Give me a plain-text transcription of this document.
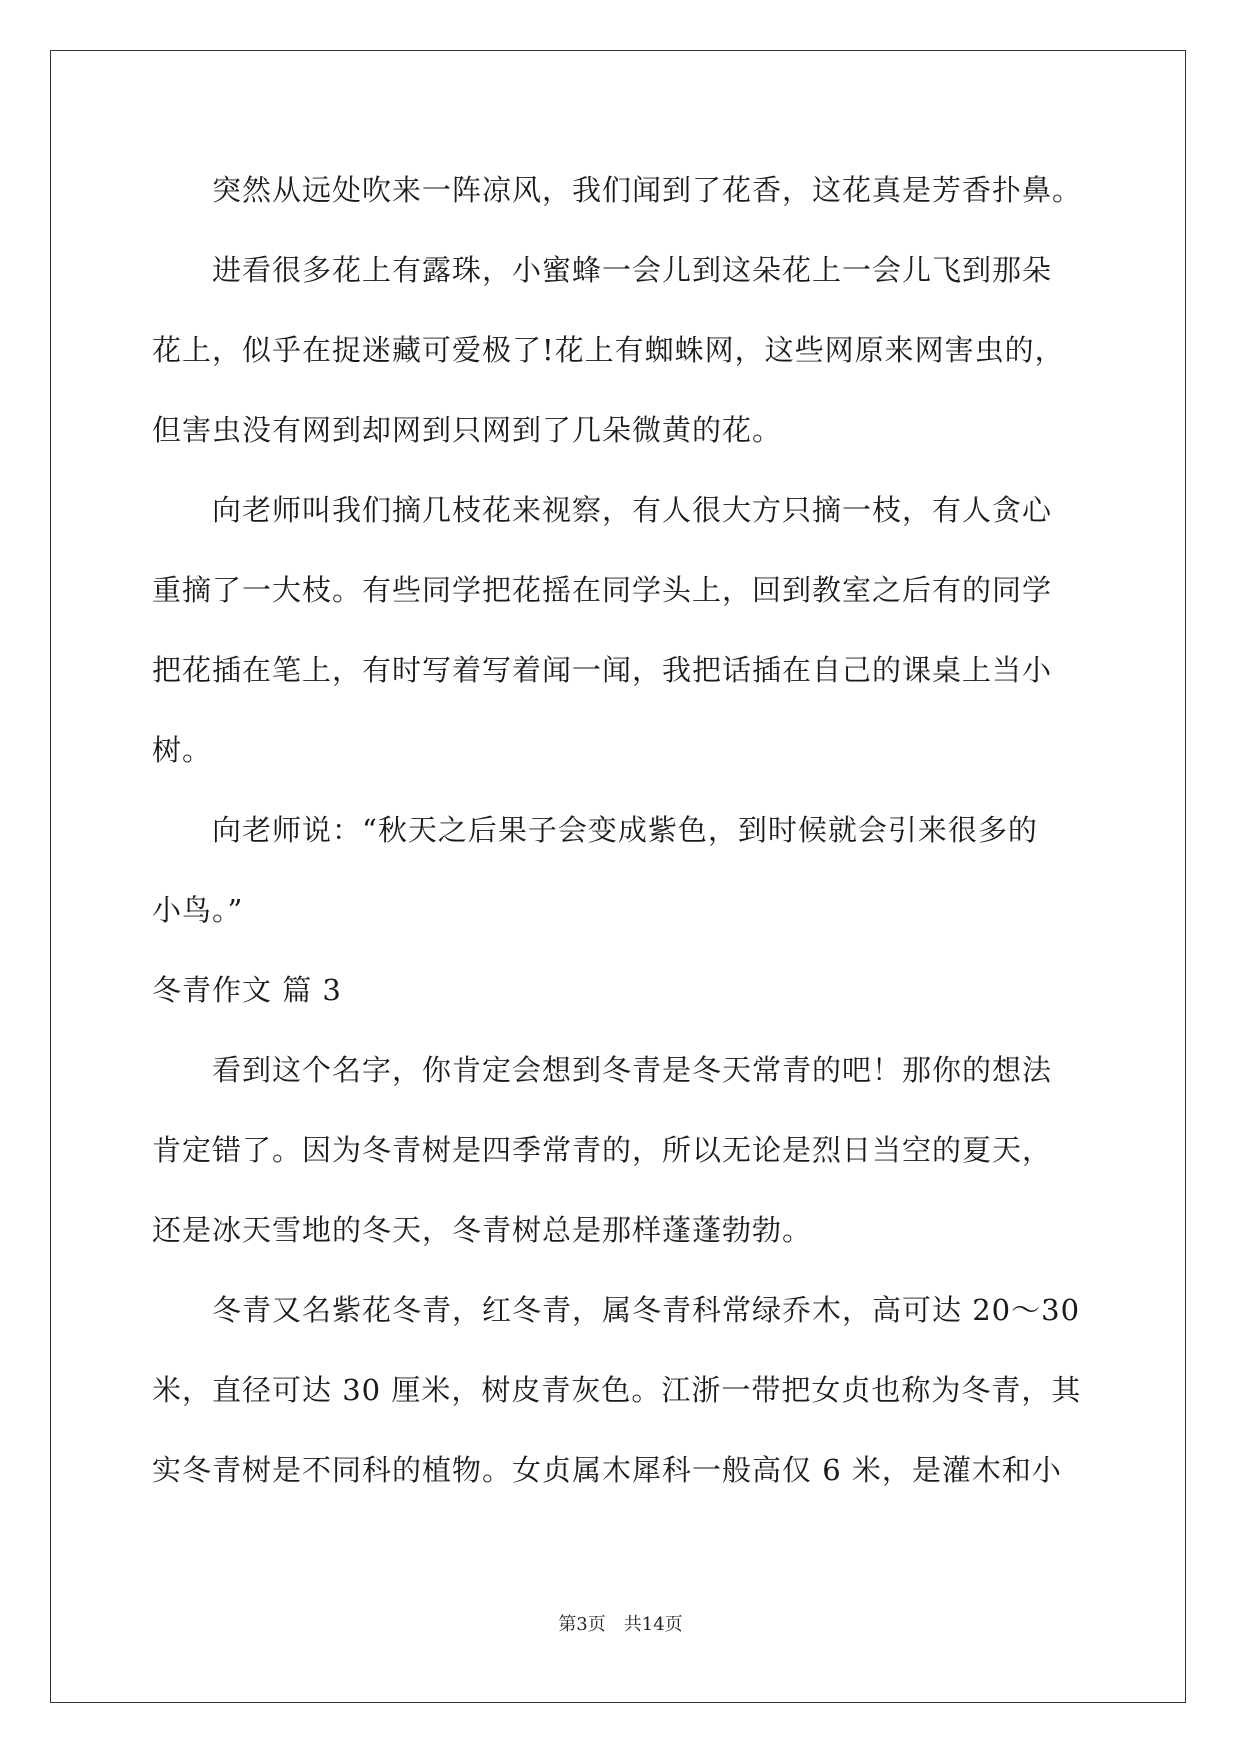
突然从远处吹来一阵凉风，我们闻到了花香，这花真是芳香扑鼻。
进看很多花上有露珠，小蜜蜂一会儿到这朵花上一会儿飞到那朵
花上，似乎在捉迷藏可爱极了!花上有蜘蛛网，这些网原来网害虫的，
但害虫没有网到却网到只网到了几朵微黄的花。
向老师叫我们摘几枝花来视察，有人很大方只摘一枝，有人贪心
重摘了一大枝。有些同学把花摇在同学头上，回到教室之后有的同学
把花插在笔上，有时写着写着闻一闻，我把话插在自己的课桌上当小
树。
向老师说：“秋天之后果子会变成紫色，到时候就会引来很多的
小鸟。”
冬青作文 篇 3
看到这个名字，你肯定会想到冬青是冬天常青的吧！那你的想法
肯定错了。因为冬青树是四季常青的，所以无论是烈日当空的夏天，
还是冰天雪地的冬天，冬青树总是那样蓬蓬勃勃。
冬青又名紫花冬青，红冬青，属冬青科常绿乔木，高可达 20～30
米，直径可达 30 厘米，树皮青灰色。江浙一带把女贞也称为冬青，其
实冬青树是不同科的植物。女贞属木犀科一般高仅 6 米，是灌木和小
第3页 共14页
